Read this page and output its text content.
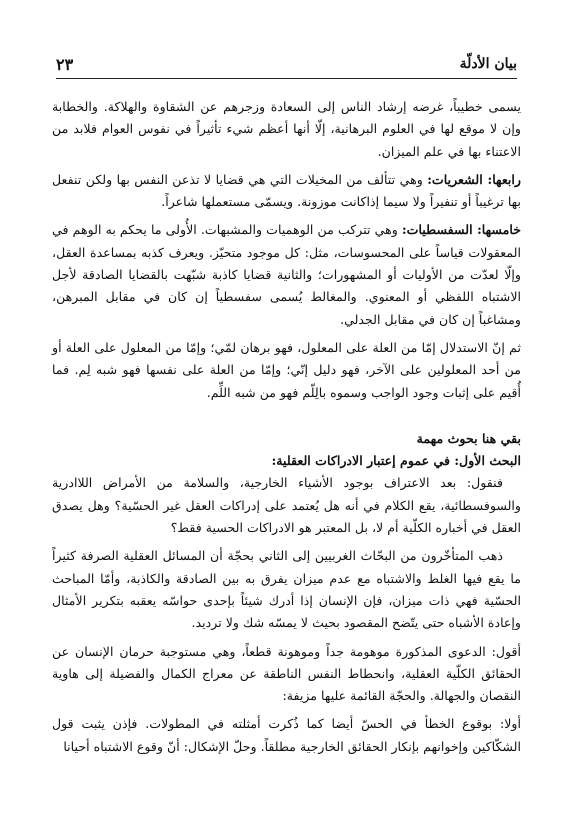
بيان الأدلّة
٢٣

يسمى خطيباً، غرضه إرشاد الناس إلى السعادة وزجرهم عن الشقاوة والهلاكة. والخطابة وإن لا موقع لها في العلوم البرهانية، إلّا أنها أعظم شيء تأثيراً في نفوس العوام فلابد من الاعتناء بها في علم الميزان.

رابعها: الشعريات: وهي تتألف من المخيلات التي هي قضايا لا تذعن النفس بها ولكن تنفعل بها ترغيباً أو تنفيراً ولا سيما إذاكانت موزونة. ويسمّى مستعملها شاعراً.

خامسها: السفسطيات: وهي تتركب من الوهميات والمشبهات. الأُولى ما يحكم به الوهم في المعقولات قياساً على المحسوسات، مثل: كل موجود متحيّز. ويعرف كذبه بمساعدة العقل، وإلّا لعدّت من الأوليات أو المشهورات؛ والثانية قضايا كاذبة شبّهت بالقضايا الصادقة لأجل الاشتباه اللفظي أو المعنوي. والمغالط يُسمى سفسطياً إن كان في مقابل المبرهن، ومشاغباً إن كان في مقابل الجدلي.

ثم إنّ الاستدلال إمّا من العلة على المعلول، فهو برهان لمّي؛ وإمّا من المعلول على العلة أو من أحد المعلولين على الآخر، فهو دليل إنّي؛ وإمّا من العلة على نفسها فهو شبه لِم. فما أُقيم على إثبات وجود الواجب وسموه بالِلّم فهو من شبه اللِّم.

بقي هنا بحوث مهمة
البحث الأول: في عموم إعتبار الادراكات العقلية:

فنقول: بعد الاعتراف بوجود الأشياء الخارجية، والسلامة من الأمراض اللاادرية والسوفسطائية، يقع الكلام في أنه هل يُعتمد على إدراكات العقل غير الحسّية؟ وهل يصدق العقل في أخباره الكلّية أم لا، بل المعتبر هو الادراكات الحسية فقط؟

ذهب المتأخّرون من البحّاث الغربيين إلى الثاني بحجّة أن المسائل العقلية الصرفة كثيراً ما يقع فيها الغلط والاشتباه مع عدم ميزان يفرق به بين الصادقة والكاذبة، وأمّا المباحث الحسّية فهي ذات ميزان، فإن الإنسان إذا أدرك شيئاً بإحدى حواسّه يعقبه بتكرير الأمثال وإعادة الأشباه حتى يتّضح المقصود بحيث لا يمسّه شك ولا ترديد.

أقول: الدعوى المذكورة موهومة جداً وموهونة قطعاً، وهي مستوجبة حرمان الإنسان عن الحقائق الكلّية العقلية، وانحطاط النفس الناطقة عن معراج الكمال والفضيلة إلى هاوية النقصان والجهالة. والحجّة القائمة عليها مزيفة:

أولا: بوقوع الخطأ في الحسّ أيضا كما ذُكرت أمثلته في المطولات. فإذن يثبت قول الشكّاكين وإخوانهم بإنكار الحقائق الخارجية مطلقاً. وحلّ الإشكال: أنّ وقوع الاشتباه أحيانا
